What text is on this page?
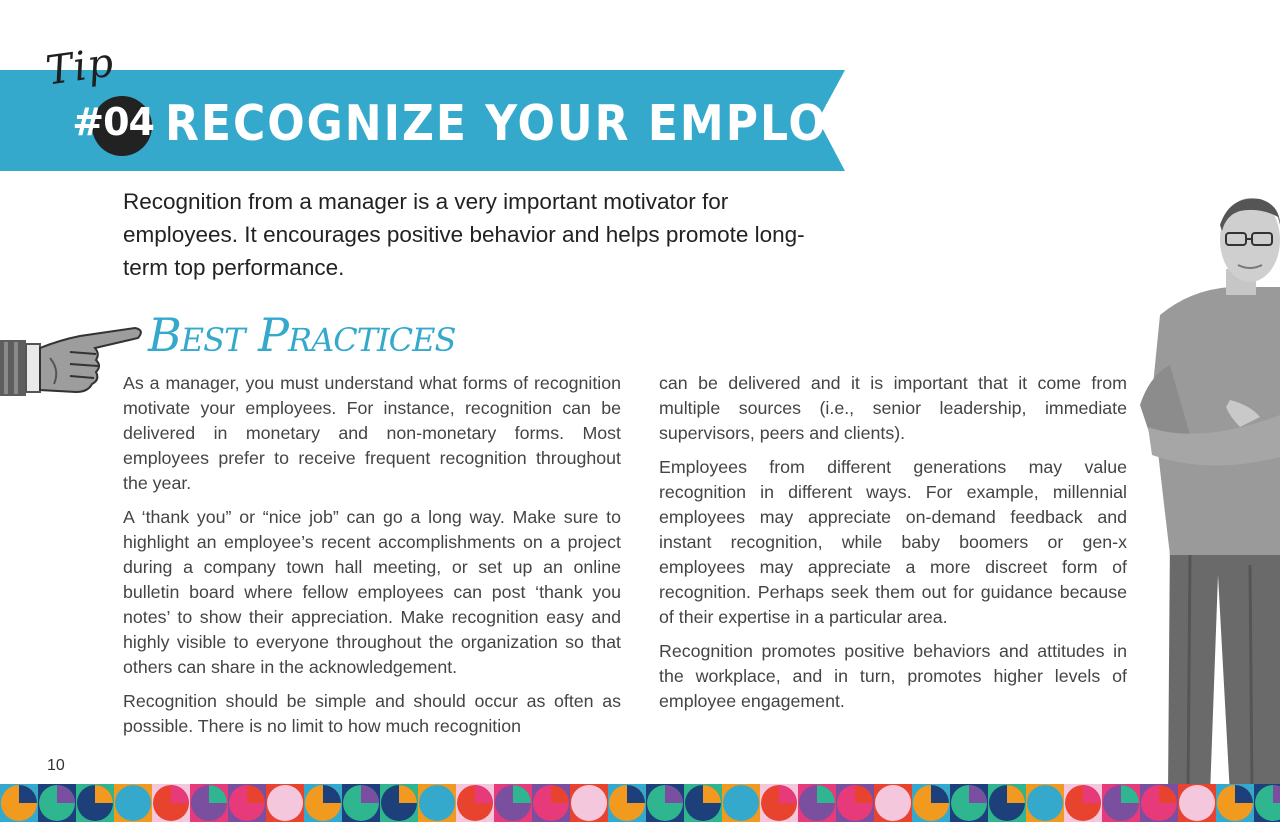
Tip
#04 RECOGNIZE YOUR EMPLOYEES
Recognition from a manager is a very important motivator for employees. It encourages positive behavior and helps promote long-term top performance.
Best Practices

As a manager, you must understand what forms of recognition motivate your employees. For instance, recognition can be delivered in monetary and non-monetary forms. Most employees prefer to receive frequent recognition throughout the year.

A ‘thank you” or “nice job” can go a long way. Make sure to highlight an employee’s recent accomplishments on a project during a company town hall meeting, or set up an online bulletin board where fellow employees can post ‘thank you notes’ to show their appreciation. Make recognition easy and highly visible to everyone throughout the organization so that others can share in the acknowledgement.

Recognition should be simple and should occur as often as possible. There is no limit to how much recognition

can be delivered and it is important that it come from multiple sources (i.e., senior leadership, immediate supervisors, peers and clients).

Employees from different generations may value recognition in different ways. For example, millennial employees may appreciate on-demand feedback and instant recognition, while baby boomers or gen-x employees may appreciate a more discreet form of recognition. Perhaps seek them out for guidance because of their expertise in a particular area.

Recognition promotes positive behaviors and attitudes in the workplace, and in turn, promotes higher levels of employee engagement.

10
